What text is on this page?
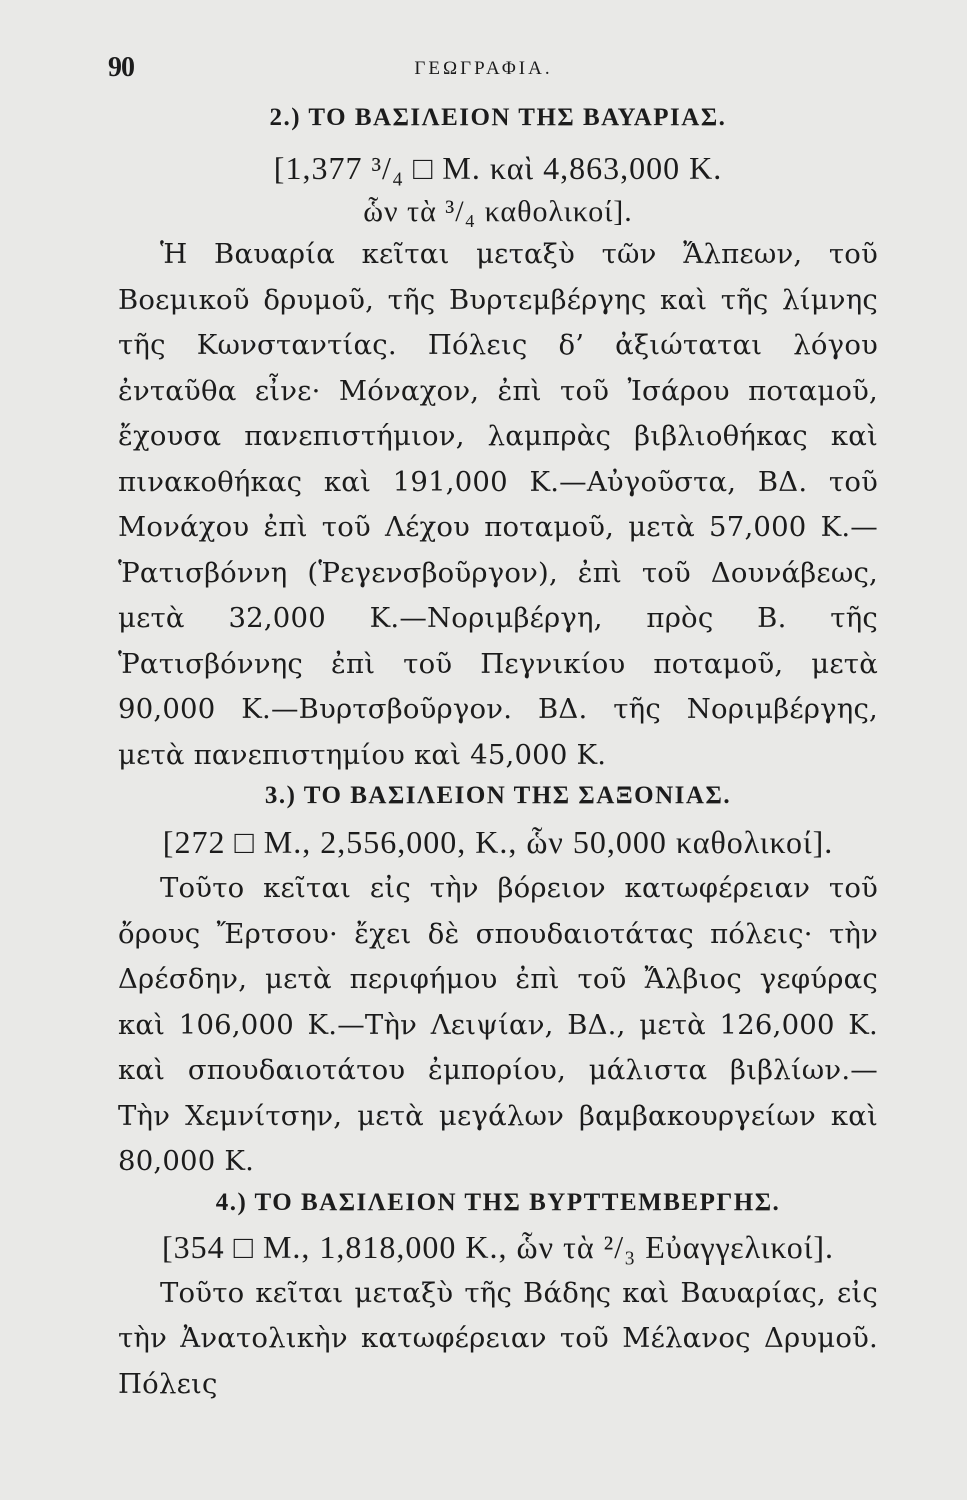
90	ΓΕΩΓΡΑΦΙΑ.
2.) ΤΟ ΒΑΣΙΛΕΙΟΝ ΤΗΣ ΒΑΥΑΡΙΑΣ.
[1,377 ³/₄ □ Μ. καὶ 4,863,000 Κ.
ὧν τὰ ³/₄ καθολικοί].

Ἡ Βαυαρία κεῖται μεταξὺ τῶν Ἄλπεων, τοῦ Βοεμικοῦ δρυμοῦ, τῆς Βυρτεμβέργης καὶ τῆς λίμνης τῆς Κωνσταντίας. Πόλεις δ’ ἀξιώταται λόγου ἐνταῦθα εἶνε· Μόναχον, ἐπὶ τοῦ Ἰσάρου ποταμοῦ, ἔχουσα πανεπιστήμιον, λαμπρὰς βιβλιοθήκας καὶ πινακοθήκας καὶ 191,000 Κ.—Αὐγοῦστα, ΒΔ. τοῦ Μονάχου ἐπὶ τοῦ Λέχου ποταμοῦ, μετὰ 57,000 Κ.—Ῥατισβόννη (Ῥεγενσβοῦργον), ἐπὶ τοῦ Δουνάβεως, μετὰ 32,000 Κ.—Νοριμβέργη, πρὸς Β. τῆς Ῥατισβόννης ἐπὶ τοῦ Πεγνικίου ποταμοῦ, μετὰ 90,000 Κ.—Βυρτσβοῦργον. ΒΔ. τῆς Νοριμβέργης, μετὰ πανεπιστημίου καὶ 45,000 Κ.

3.) ΤΟ ΒΑΣΙΛΕΙΟΝ ΤΗΣ ΣΑΞΟΝΙΑΣ.
[272 □ Μ., 2,556,000, Κ., ὧν 50,000 καθολικοί].

Τοῦτο κεῖται εἰς τὴν βόρειον κατωφέρειαν τοῦ ὄρους Ἔρτσου· ἔχει δὲ σπουδαιοτάτας πόλεις· τὴν Δρέσδην, μετὰ περιφήμου ἐπὶ τοῦ Ἄλβιος γεφύρας καὶ 106,000 Κ.—Τὴν Λειψίαν, ΒΔ., μετὰ 126,000 Κ. καὶ σπουδαιοτάτου ἐμπορίου, μάλιστα βιβλίων.— Τὴν Χεμνίτσην, μετὰ μεγάλων βαμβακουργείων καὶ 80,000 Κ.

4.) ΤΟ ΒΑΣΙΛΕΙΟΝ ΤΗΣ ΒΥΡΤΤΕΜΒΕΡΓΗΣ.
[354 □ Μ., 1,818,000 Κ., ὧν τὰ ²/₃ Εὐαγγελικοί].

Τοῦτο κεῖται μεταξὺ τῆς Βάδης καὶ Βαυαρίας, εἰς τὴν Ἀνατολικὴν κατωφέρειαν τοῦ Μέλανος Δρυμοῦ. Πόλεις
